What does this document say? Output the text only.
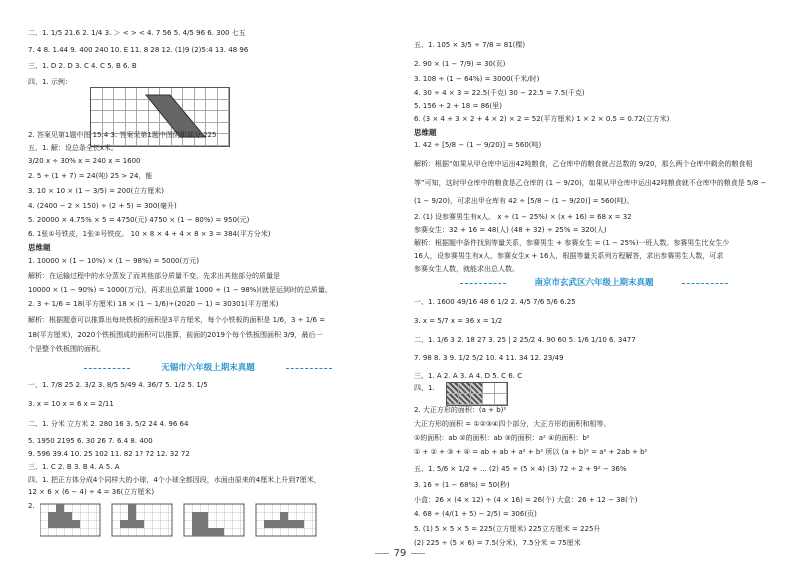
二、1. 1/5 21.6 2. 1/4 3. ＞ < > < 4. 7 56 5. 4/5 96 6. 300 七五
7. 4 8. 1.44 9. 400 240 10. E 11. 8 28 12. (1)9 (2)5:4 13. 48 96
三、1. D 2. D 3. C 4. C 5. B 6. B
四、1. 示例：
2. 答案见第1题中图 15:4 3. 答案见第1题中图阴影部分 225
五、1. 解：设总条全长x米。
3/20 x ÷ 30% x = 240 x = 1600
2. 5 ÷ (1 + 7) = 24(吨) 25 > 24，能
3. 10 × 10 × (1 − 3/5) = 200(立方厘米)
4. (2400 − 2 × 150) ÷ (2 + 5) = 300(毫升)
5. 20000 × 4.75% × 5 = 4750(元) 4750 × (1 − 80%) = 950(元)
6. 1张①号铁皮，1张②号铁皮。 10 × 8 × 4 + 4 × 8 × 3 = 384(平方分米)
思维题
1. 10000 × (1 − 10%) × (1 − 98%) = 5000(万元)
解析：在运输过程中的水分蒸发了而其他部分质量不变，先求出其他部分的质量是
10000 × (1 − 90%) = 1000(万元)，再求出总质量 1000 ÷ (1 − 98%)(就是运到时的总质量。
2. 3 ÷ 1/6 = 18(平方厘米) 18 × (1 − 1/6)÷(2020 − 1) = 30301(平方厘米)
解析：根据题意可以推算出每块铁板的面积是3平方厘米，每个小铁板的面积是 1/6，3 ÷ 1/6 =
18(平方厘米)，2020个铁板围成的面积可以推算，前面的2019个每个铁板围面积 3/9，最后一
个是整个铁板围的面积。
无锡市六年级上期末真题
一、1. 7/8 25 2. 3/2 3. 8/5 5/49 4. 36/7 5. 1/2 5. 1/5
3. x = 10 x = 6 x = 2/11
二、1. 分米 立方米 2. 280 16 3. 5/2 24 4. 96 64
5. 1950 2195 6. 30 26 7. 6.4 8. 400
9. 596 39.4 10. 25 102 11. 82 1? 72 12. 32 72
三、1. C 2. B 3. B 4. A 5. A
四、1. 把正方体分成4个同样大的小球，4个小球全都因段，水面由原来的4厘米上升到7厘米，
12 × 6 × (6 − 4) ÷ 4 = 36(立方厘米)
2.
五、1. 105 × 3/5 ÷ 7/8 = 81(棵)
2. 90 × (1 − 7/9) = 30(页)
3. 108 ÷ (1 − 64%) = 3000(千米/时)
4. 30 ÷ 4 × 3 = 22.5(千克) 30 − 22.5 = 7.5(千克)
5. 156 ÷ 2 + 18 = 86(里)
6. (3 × 4 + 3 × 2 + 4 × 2) × 2 = 52(平方厘米) 1 × 2 × 0.5 = 0.72(立方米)
思维题
1. 42 ÷ [5/8 − (1 − 9/20)] = 560(吨)
解析：根据“如果从甲仓库中运出42吨粮食，乙仓库中的粮食就占总数的 9/20，那么两个仓库中剩余的粮食相
等”可知，这时甲仓库中的粮食是乙仓库的 (1 − 9/20)，如果从甲仓库中运出42吨粮食就不仓库中的粮食是 5/8 −
(1 − 9/20)，可求出甲仓库有 42 ÷ [5/8 − (1 − 9/20)] = 560(吨)。
2. (1) 设参赛男生有x人。 x ÷ (1 − 25%) × (x + 16) = 68 x = 32
参赛女生：32 + 16 = 48(人) (48 + 32) ÷ 25% = 320(人)
解析：根据题中条件找到等量关系，参赛男生 + 参赛女生 = (1 − 25%)一班人数。参赛男生比女生少
16人，设参赛男生有x人，参赛女生x + 16人，根据等量关系列方程解答，求出参赛男生人数，可求
参赛女生人数，就能求出总人数。
南京市玄武区六年级上期末真题
一、1. 1600 49/16 48 6 1/2 2. 4/5 7/6 5/6 6.25
3. x = 5/7 x = 36 x = 1/2
二、1. 1/6 3 2. 18 27 3. 25 | 2 25/2 4. 90 60 5. 1/6 1/10 6. 3477
7. 98 8. 3 9. 1/2 5/2 10. 4 11. 34 12. 23/49
三、1. A 2. A 3. A 4. D 5. C 6. C
四、1.
2. 大正方形的面积：(a + b)²
大正方形的面积 = ①②③④四个部分，大正方形的面积和相等。
①的面积：ab ②的面积：ab ③的面积：a² ④的面积：b²
① + ② + ③ + ④ = ab + ab + a² + b² 所以 (a + b)² = a² + 2ab + b²
五、1. 5/6 × 1/2 + ... (2) 45 ÷ (5 × 4) (3) 72 ÷ 2 + 9² − 36%
3. 16 ÷ (1 − 68%) = 50(秒)
小盒：26 × (4 × 12) ÷ (4 × 16) = 26(个) 大盒：26 + 12 − 38(个)
4. 68 ÷ (4/(1 + 5) − 2/5) = 306(页)
5. (1) 5 × 5 × 5 = 225(立方厘米) 225立方厘米 = 225升
(2) 225 ÷ (5 × 6) = 7.5(分米)，7.5分米 = 75厘米
79
